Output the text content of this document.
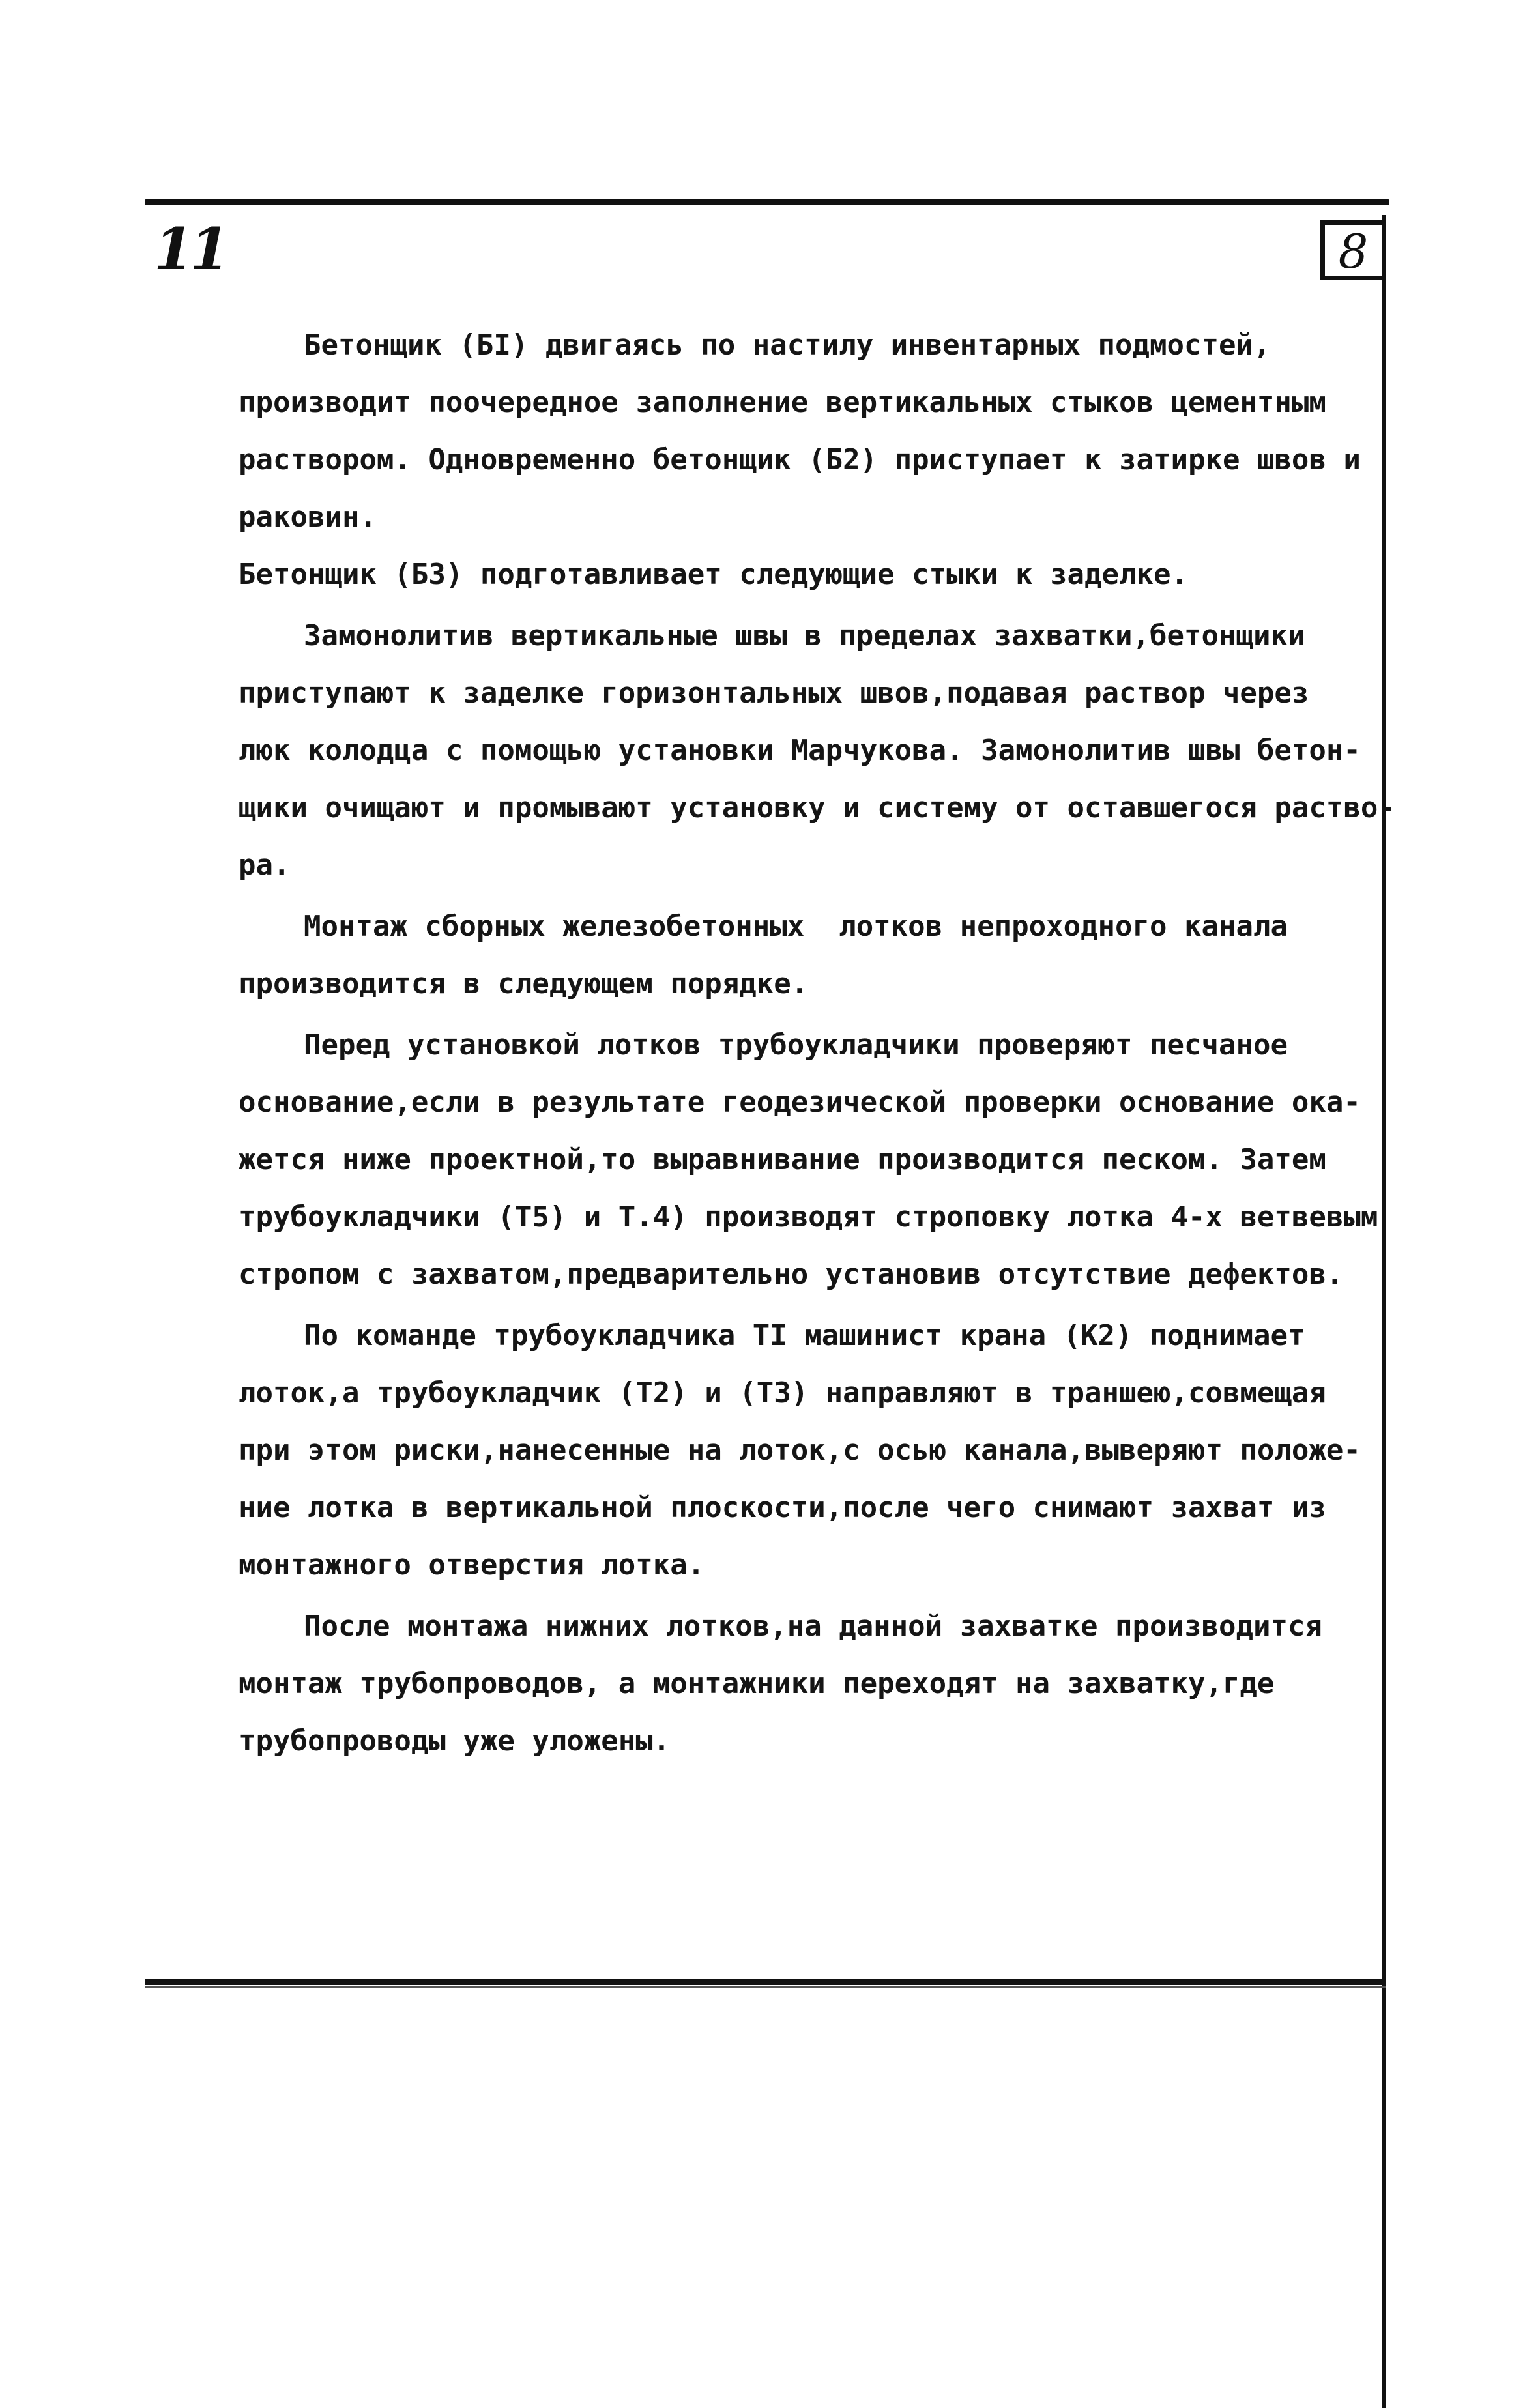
11	8
Бетонщик (БI) двигаясь по настилу инвентарных подмостей,
производит поочередное заполнение вертикальных стыков цементным
раствором. Одновременно бетонщик (Б2) приступает к затирке швов и
раковин.
Бетонщик (Б3) подготавливает следующие стыки к заделке.
Замонолитив вертикальные швы в пределах захватки,бетонщики
приступают к заделке горизонтальных швов,подавая раствор через
люк колодца с помощью установки Марчукова. Замонолитив швы бетон-
щики очищают и промывают установку и систему от оставшегося раство-
ра.
Монтаж сборных железобетонных  лотков непроходного канала
производится в следующем порядке.
Перед установкой лотков трубоукладчики проверяют песчаное
основание,если в результате геодезической проверки основание ока-
жется ниже проектной,то выравнивание производится песком. Затем
трубоукладчики (Т5) и Т.4) производят строповку лотка 4-х ветвевым
стропом с захватом,предварительно установив отсутствие дефектов.
По команде трубоукладчика ТI машинист крана (К2) поднимает
лоток,а трубоукладчик (Т2) и (Т3) направляют в траншею,совмещая
при этом риски,нанесенные на лоток,с осью канала,выверяют положе-
ние лотка в вертикальной плоскости,после чего снимают захват из
монтажного отверстия лотка.
После монтажа нижних лотков,на данной захватке производится
монтаж трубопроводов, а монтажники переходят на захватку,где
трубопроводы уже уложены.
